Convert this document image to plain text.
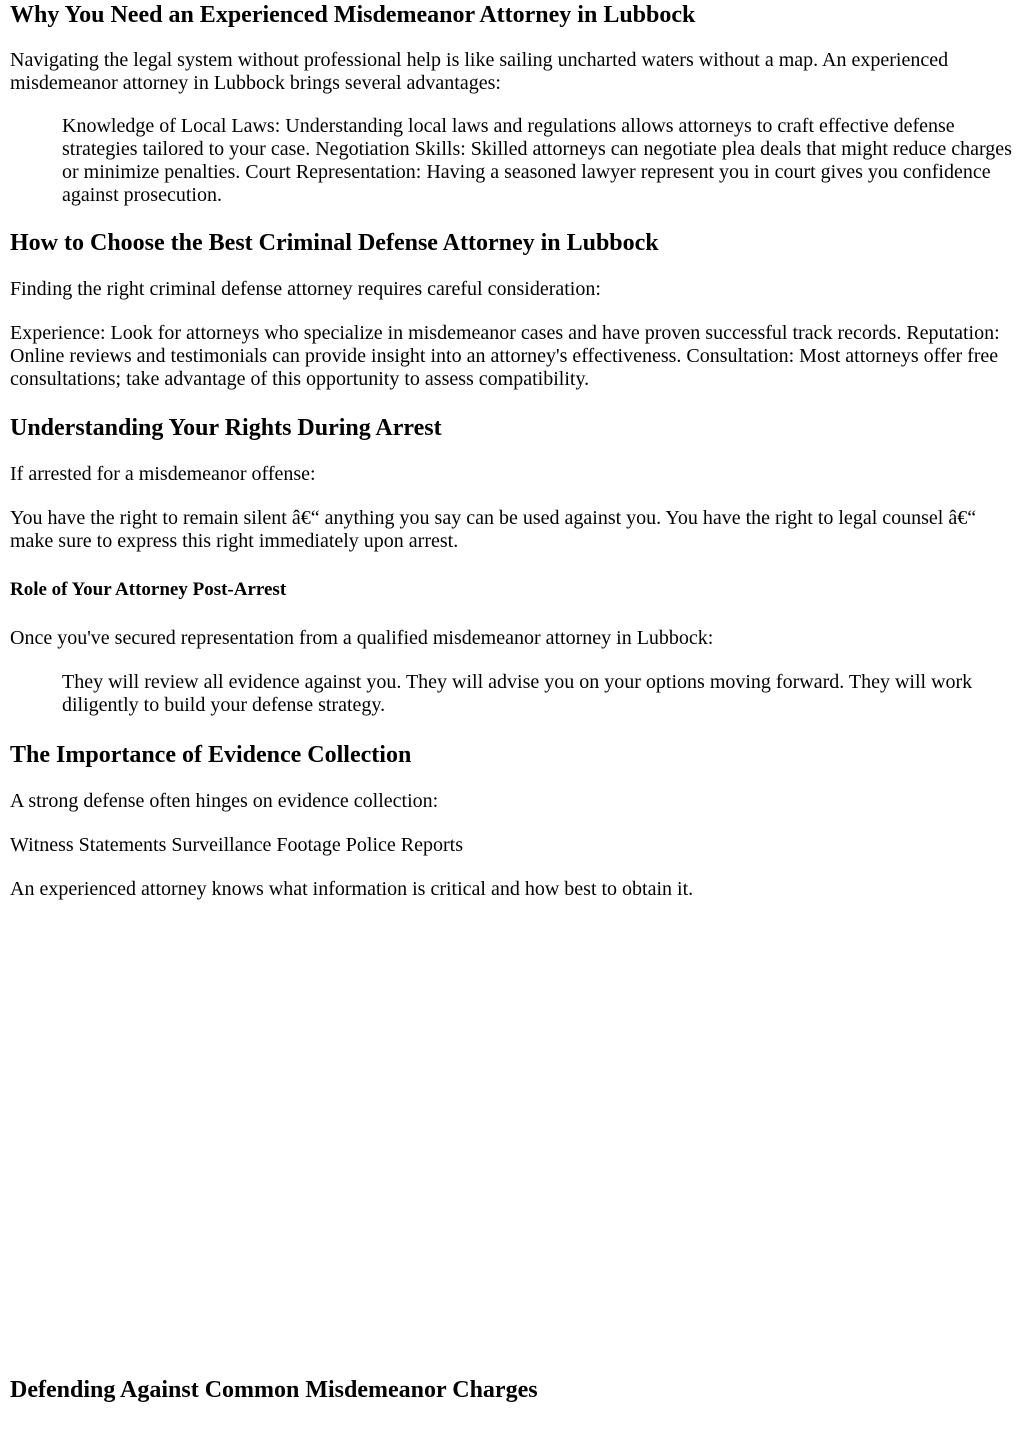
Why You Need an Experienced Misdemeanor Attorney in Lubbock

Navigating the legal system without professional help is like sailing uncharted waters without a map. An experienced misdemeanor attorney in Lubbock brings several advantages:

Knowledge of Local Laws: Understanding local laws and regulations allows attorneys to craft effective defense strategies tailored to your case. Negotiation Skills: Skilled attorneys can negotiate plea deals that might reduce charges or minimize penalties. Court Representation: Having a seasoned lawyer represent you in court gives you confidence against prosecution.
How to Choose the Best Criminal Defense Attorney in Lubbock

Finding the right criminal defense attorney requires careful consideration:

Experience: Look for attorneys who specialize in misdemeanor cases and have proven successful track records. Reputation: Online reviews and testimonials can provide insight into an attorney's effectiveness. Consultation: Most attorneys offer free consultations; take advantage of this opportunity to assess compatibility.

Understanding Your Rights During Arrest

If arrested for a misdemeanor offense:

You have the right to remain silent â€“ anything you say can be used against you. You have the right to legal counsel â€“ make sure to express this right immediately upon arrest.

Role of Your Attorney Post-Arrest

Once you've secured representation from a qualified misdemeanor attorney in Lubbock:

They will review all evidence against you. They will advise you on your options moving forward. They will work diligently to build your defense strategy.
The Importance of Evidence Collection

A strong defense often hinges on evidence collection:

Witness Statements Surveillance Footage Police Reports

An experienced attorney knows what information is critical and how best to obtain it.

Defending Against Common Misdemeanor Charges
